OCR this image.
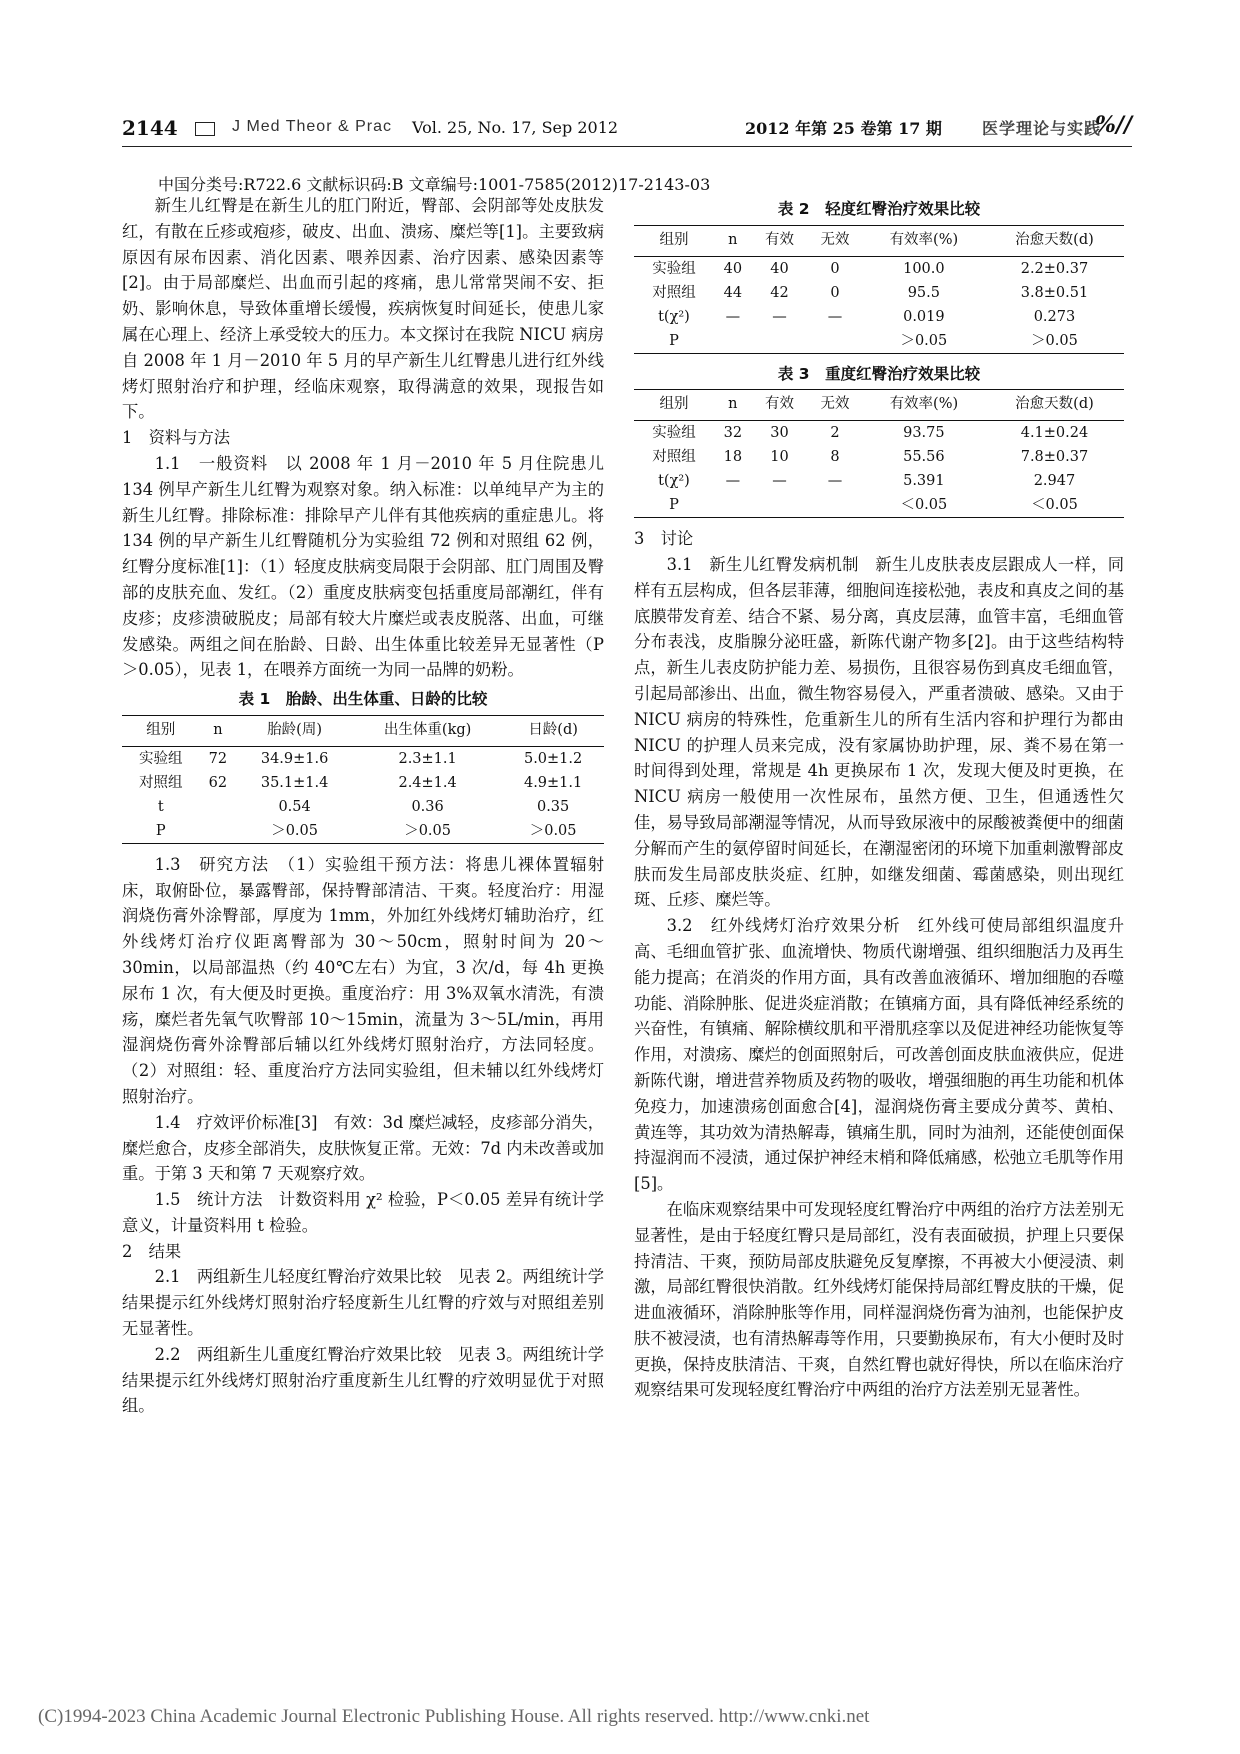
2144	J Med Theor & Prac Vol. 25, No. 17, Sep 2012	2012 年第 25 卷第 17 期	医学理论与实践
%//
中国分类号:R722.6 文献标识码:B 文章编号:1001-7585(2012)17-2143-03

新生儿红臀是在新生儿的肛门附近，臀部、会阴部等处皮肤发红，有散在丘疹或疱疹，破皮、出血、溃疡、糜烂等[1]。主要致病原因有尿布因素、消化因素、喂养因素、治疗因素、感染因素等[2]。由于局部糜烂、出血而引起的疼痛，患儿常常哭闹不安、拒奶、影响休息，导致体重增长缓慢，疾病恢复时间延长，使患儿家属在心理上、经济上承受较大的压力。本文探讨在我院 NICU 病房自 2008 年 1 月－2010 年 5 月的早产新生儿红臀患儿进行红外线烤灯照射治疗和护理，经临床观察，取得满意的效果，现报告如下。

1　资料与方法

1.1　一般资料　以 2008 年 1 月－2010 年 5 月住院患儿 134 例早产新生儿红臀为观察对象。纳入标准：以单纯早产为主的新生儿红臀。排除标准：排除早产儿伴有其他疾病的重症患儿。将 134 例的早产新生儿红臀随机分为实验组 72 例和对照组 62 例，红臀分度标准[1]：（1）轻度皮肤病变局限于会阴部、肛门周围及臀部的皮肤充血、发红。（2）重度皮肤病变包括重度局部潮红，伴有皮疹；皮疹溃破脱皮；局部有较大片糜烂或表皮脱落、出血，可继发感染。两组之间在胎龄、日龄、出生体重比较差异无显著性（P＞0.05），见表 1，在喂养方面统一为同一品牌的奶粉。

表 1　胎龄、出生体重、日龄的比较
组别	n	胎龄(周)	出生体重(kg)	日龄(d)
实验组	72	34.9±1.6	2.3±1.1	5.0±1.2
对照组	62	35.1±1.4	2.4±1.4	4.9±1.1
t		0.54	0.36	0.35
P		＞0.05	＞0.05	＞0.05

1.3　研究方法　（1）实验组干预方法：将患儿裸体置辐射床，取俯卧位，暴露臀部，保持臀部清洁、干爽。轻度治疗：用湿润烧伤膏外涂臀部，厚度为 1mm，外加红外线烤灯辅助治疗，红外线烤灯治疗仪距离臀部为 30～50cm，照射时间为 20～30min，以局部温热（约 40℃左右）为宜，3 次/d，每 4h 更换尿布 1 次，有大便及时更换。重度治疗：用 3%双氧水清洗，有溃疡，糜烂者先氧气吹臀部 10～15min，流量为 3～5L/min，再用湿润烧伤膏外涂臀部后辅以红外线烤灯照射治疗，方法同轻度。（2）对照组：轻、重度治疗方法同实验组，但未辅以红外线烤灯照射治疗。

1.4　疗效评价标准[3]　有效：3d 糜烂减轻，皮疹部分消失，糜烂愈合，皮疹全部消失，皮肤恢复正常。无效：7d 内未改善或加重。于第 3 天和第 7 天观察疗效。

1.5　统计方法　计数资料用 χ² 检验，P＜0.05 差异有统计学意义，计量资料用 t 检验。

2　结果

2.1　两组新生儿轻度红臀治疗效果比较　见表 2。两组统计学结果提示红外线烤灯照射治疗轻度新生儿红臀的疗效与对照组差别无显著性。

2.2　两组新生儿重度红臀治疗效果比较　见表 3。两组统计学结果提示红外线烤灯照射治疗重度新生儿红臀的疗效明显优于对照组。

表 2　轻度红臀治疗效果比较
组别	n	有效	无效	有效率(%)	治愈天数(d)
实验组	40	40	0	100.0	2.2±0.37
对照组	44	42	0	95.5	3.8±0.51
t(χ²)	—	—	—	0.019	0.273
P				＞0.05	＞0.05
表 3　重度红臀治疗效果比较
组别	n	有效	无效	有效率(%)	治愈天数(d)
实验组	32	30	2	93.75	4.1±0.24
对照组	18	10	8	55.56	7.8±0.37
t(χ²)	—	—	—	5.391	2.947
P				＜0.05	＜0.05

3　讨论

3.1　新生儿红臀发病机制　新生儿皮肤表皮层跟成人一样，同样有五层构成，但各层菲薄，细胞间连接松弛，表皮和真皮之间的基底膜带发育差、结合不紧、易分离，真皮层薄，血管丰富，毛细血管分布表浅，皮脂腺分泌旺盛，新陈代谢产物多[2]。由于这些结构特点，新生儿表皮防护能力差、易损伤，且很容易伤到真皮毛细血管，引起局部渗出、出血，微生物容易侵入，严重者溃破、感染。又由于 NICU 病房的特殊性，危重新生儿的所有生活内容和护理行为都由 NICU 的护理人员来完成，没有家属协助护理，尿、粪不易在第一时间得到处理，常规是 4h 更换尿布 1 次，发现大便及时更换，在 NICU 病房一般使用一次性尿布，虽然方便、卫生，但通透性欠佳，易导致局部潮湿等情况，从而导致尿液中的尿酸被粪便中的细菌分解而产生的氨停留时间延长，在潮湿密闭的环境下加重刺激臀部皮肤而发生局部皮肤炎症、红肿，如继发细菌、霉菌感染，则出现红斑、丘疹、糜烂等。

3.2　红外线烤灯治疗效果分析　红外线可使局部组织温度升高、毛细血管扩张、血流增快、物质代谢增强、组织细胞活力及再生能力提高；在消炎的作用方面，具有改善血液循环、增加细胞的吞噬功能、消除肿胀、促进炎症消散；在镇痛方面，具有降低神经系统的兴奋性，有镇痛、解除横纹肌和平滑肌痉挛以及促进神经功能恢复等作用，对溃疡、糜烂的创面照射后，可改善创面皮肤血液供应，促进新陈代谢，增进营养物质及药物的吸收，增强细胞的再生功能和机体免疫力，加速溃疡创面愈合[4]，湿润烧伤膏主要成分黄芩、黄柏、黄连等，其功效为清热解毒，镇痛生肌，同时为油剂，还能使创面保持湿润而不浸渍，通过保护神经末梢和降低痛感，松弛立毛肌等作用[5]。

在临床观察结果中可发现轻度红臀治疗中两组的治疗方法差别无显著性，是由于轻度红臀只是局部红，没有表面破损，护理上只要保持清洁、干爽，预防局部皮肤避免反复摩擦，不再被大小便浸渍、刺激，局部红臀很快消散。红外线烤灯能保持局部红臀皮肤的干燥，促进血液循环，消除肿胀等作用，同样湿润烧伤膏为油剂，也能保护皮肤不被浸渍，也有清热解毒等作用，只要勤换尿布，有大小便时及时更换，保持皮肤清洁、干爽，自然红臀也就好得快，所以在临床治疗观察结果可发现轻度红臀治疗中两组的治疗方法差别无显著性。

(C)1994-2023 China Academic Journal Electronic Publishing House. All rights reserved. http://www.cnki.net
